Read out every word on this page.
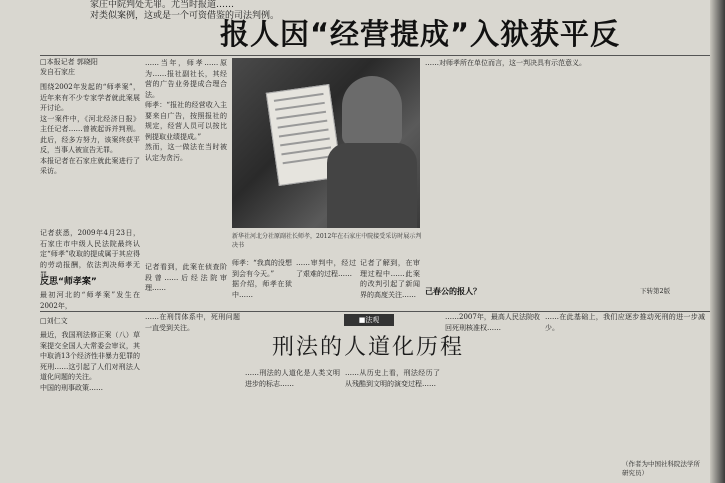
家庄中院判处无罪。尤当时报道……
对类似案例，这或是一个可资借鉴的司法判例。
报人因“经营提成”入狱获平反
□本报记者 郭晓阳
发自石家庄
围绕2002年发起的“师孝案”，近年来有不少专家学者就此案展开讨论。
这一案件中，《河北经济日报》主任记者……曾被起诉并判刑。此后，经多方努力，该案终获平反，当事人被宣告无罪。
本报记者在石家庄就此案进行了采访。
记者获悉，2009年4月23日，石家庄市中级人民法院最终认定“师孝”收取的提成属于其应得的劳动报酬，依法判决师孝无罪。
反思“师孝案”
最初河北的“师孝案”发生在2002年，
……当年，师孝……原为……报社副社长，其经营的广告业务提成合理合法。
师孝：“报社的经营收入主要来自广告，按照报社的规定，经营人员可以按比例提取业绩提成。”
然而，这一做法在当时被认定为贪污。
记者看到，此案在侦查阶段曾……后经法院审理……
新华社河北分社原副社长师孝，2012年在石家庄中院接受采访时展示判决书
师孝：“我真的没想到会有今天。”
据介绍，师孝在狱中……
……审判中，经过了艰难的过程……
记者了解到，在审理过程中……此案的改判引起了新闻界的高度关注……
……对师孝所在单位而言，这一判决具有示范意义。
己春公的报人？	下转第2版
■法观
刑法的人道化历程
□刘仁文
最近，我国刑法修正案（八）草案提交全国人大常委会审议，其中取消13个经济性非暴力犯罪的死刑……这引起了人们对刑法人道化问题的关注。
中国的刑事政策……
……在刑罚体系中，死刑问题一直受到关注。
……刑法的人道化是人类文明进步的标志……
……从历史上看，刑法经历了从残酷到文明的演变过程……
……2007年，最高人民法院收回死刑核准权……
……在此基础上，我们应逐步推动死刑的进一步减少。
（作者为中国社科院法学所研究员）
